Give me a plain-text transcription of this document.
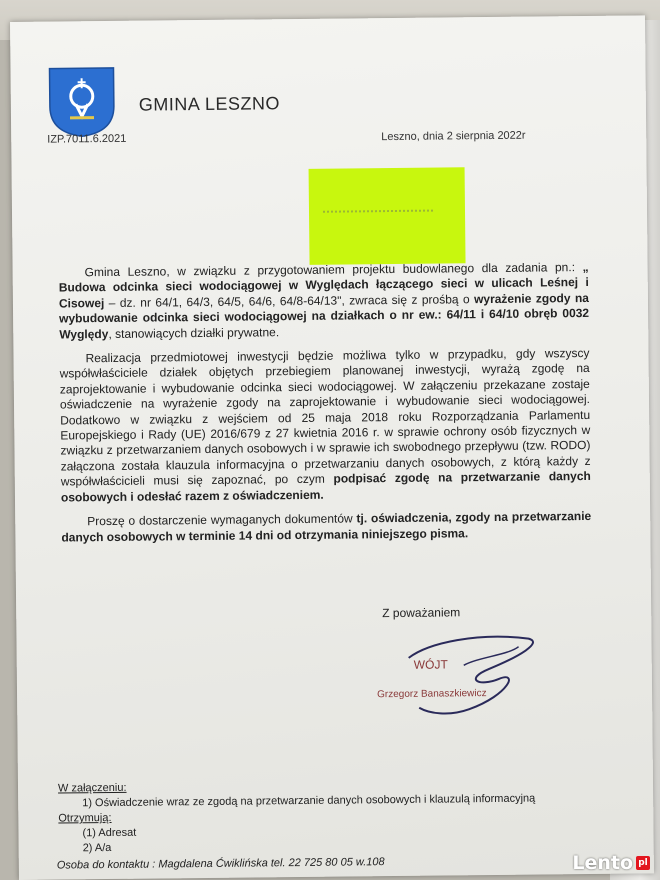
GMINA LESZNO
IZP.7011.6.2021	Leszno, dnia 2 sierpnia 2022r

Gmina Leszno, w związku z przygotowaniem projektu budowlanego dla zadania pn.: „ Budowa odcinka sieci wodociągowej w Wyględach łączącego sieci w ulicach Leśnej i Cisowej – dz. nr 64/1, 64/3, 64/5, 64/6, 64/8-64/13", zwraca się z prośbą o wyrażenie zgody na wybudowanie odcinka sieci wodociągowej na działkach o nr ew.: 64/11 i 64/10 obręb 0032 Wyględy, stanowiących działki prywatne.

Realizacja przedmiotowej inwestycji będzie możliwa tylko w przypadku, gdy wszyscy współwłaściciele działek objętych przebiegiem planowanej inwestycji, wyrażą zgodę na zaprojektowanie i wybudowanie odcinka sieci wodociągowej. W załączeniu przekazane zostaje oświadczenie na wyrażenie zgody na zaprojektowanie i wybudowanie sieci wodociągowej. Dodatkowo w związku z wejściem od 25 maja 2018 roku Rozporządzania Parlamentu Europejskiego i Rady (UE) 2016/679 z 27 kwietnia 2016 r. w sprawie ochrony osób fizycznych w związku z przetwarzaniem danych osobowych i w sprawie ich swobodnego przepływu (tzw. RODO) załączona została klauzula informacyjna o przetwarzaniu danych osobowych, z którą każdy z współwłaścicieli musi się zapoznać, po czym podpisać zgodę na przetwarzanie danych osobowych i odesłać razem z oświadczeniem.

Proszę o dostarczenie wymaganych dokumentów tj. oświadczenia, zgody na przetwarzanie danych osobowych w terminie 14 dni od otrzymania niniejszego pisma.

Z poważaniem
WÓJT
Grzegorz Banaszkiewicz
W załączeniu:
1) Oświadczenie wraz ze zgodą na przetwarzanie danych osobowych i klauzulą informacyjną
Otrzymują:
(1) Adresat
2) A/a
Osoba do kontaktu : Magdalena Ćwiklińska tel. 22 725 80 05 w.108	Lento pl
